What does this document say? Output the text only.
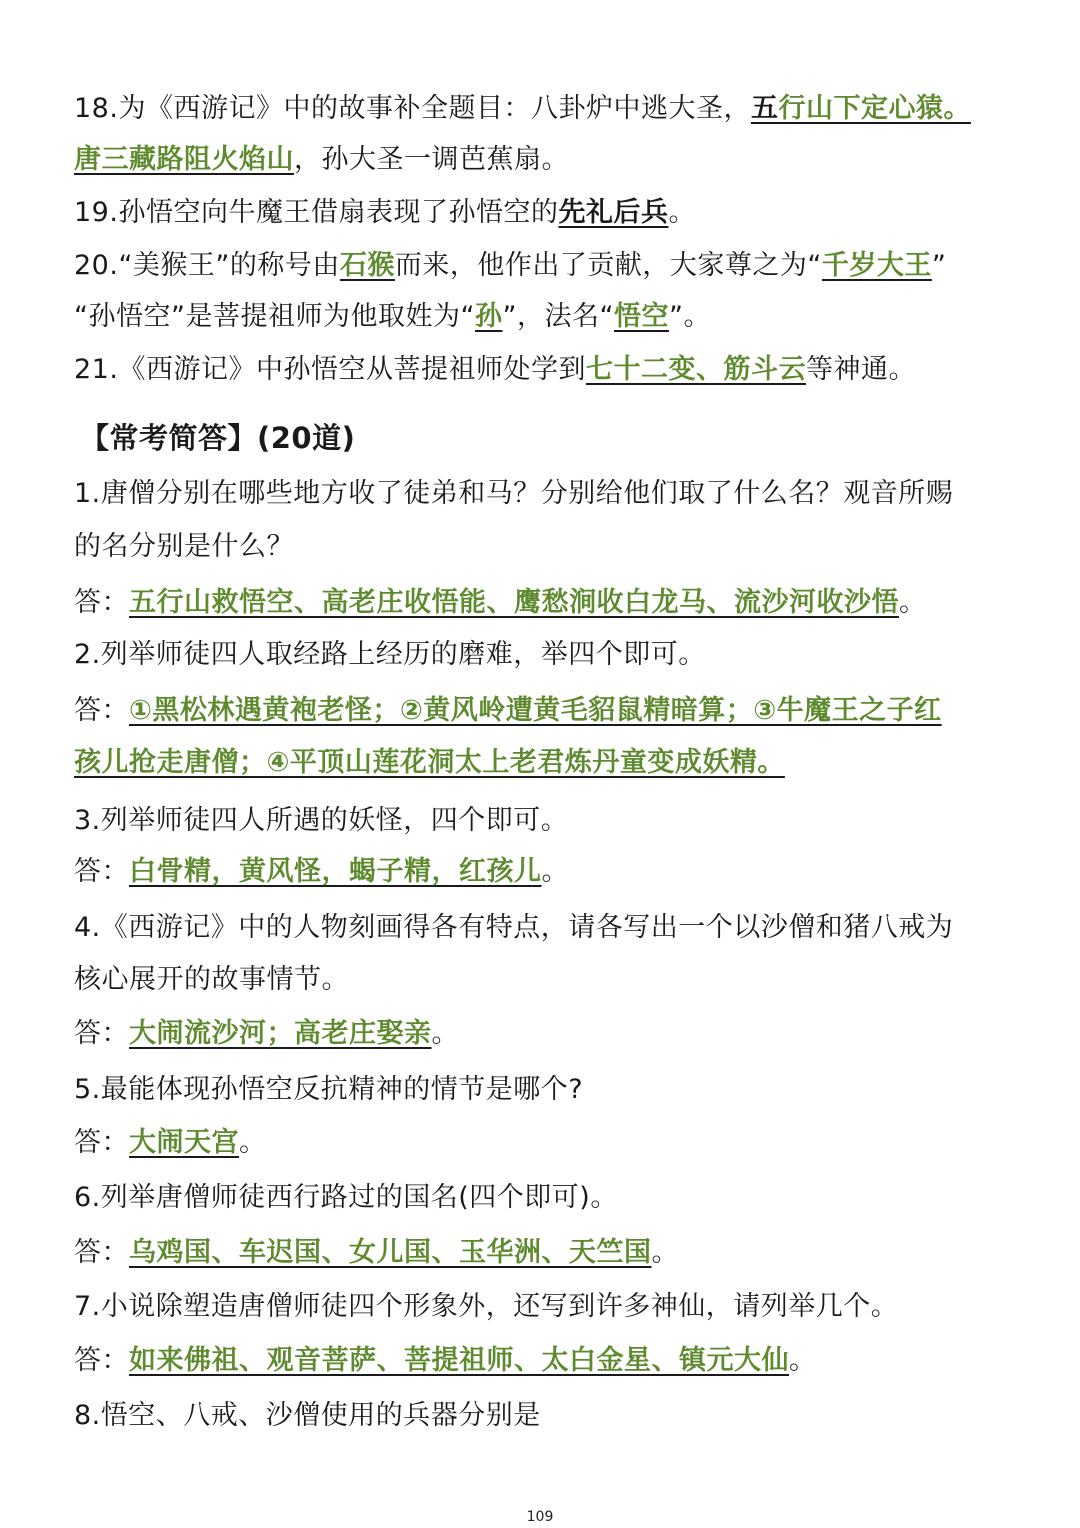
18.为《西游记》中的故事补全题目：八卦炉中逃大圣，五行山下定心猿。
唐三藏路阻火焰山，孙大圣一调芭蕉扇。
19.孙悟空向牛魔王借扇表现了孙悟空的先礼后兵。
20.“美猴王”的称号由石猴而来，他作出了贡献，大家尊之为“千岁大王”
“孙悟空”是菩提祖师为他取姓为“孙”，法名“悟空”。
21.《西游记》中孙悟空从菩提祖师处学到七十二变、筋斗云等神通。
【常考简答】(20道)
1.唐僧分别在哪些地方收了徒弟和马？分别给他们取了什么名？观音所赐
的名分别是什么？
答：五行山救悟空、高老庄收悟能、鹰愁涧收白龙马、流沙河收沙悟。
2.列举师徒四人取经路上经历的磨难，举四个即可。
答：①黑松林遇黄袍老怪；②黄风岭遭黄毛貂鼠精暗算；③牛魔王之子红
孩儿抢走唐僧；④平顶山莲花洞太上老君炼丹童变成妖精。
3.列举师徒四人所遇的妖怪，四个即可。
答：白骨精，黄风怪，蝎子精，红孩儿。
4.《西游记》中的人物刻画得各有特点，请各写出一个以沙僧和猪八戒为
核心展开的故事情节。
答：大闹流沙河；高老庄娶亲。
5.最能体现孙悟空反抗精神的情节是哪个?
答：大闹天宫。
6.列举唐僧师徒西行路过的国名(四个即可)。
答：乌鸡国、车迟国、女儿国、玉华洲、天竺国。
7.小说除塑造唐僧师徒四个形象外，还写到许多神仙，请列举几个。
答：如来佛祖、观音菩萨、菩提祖师、太白金星、镇元大仙。
8.悟空、八戒、沙僧使用的兵器分别是
109
